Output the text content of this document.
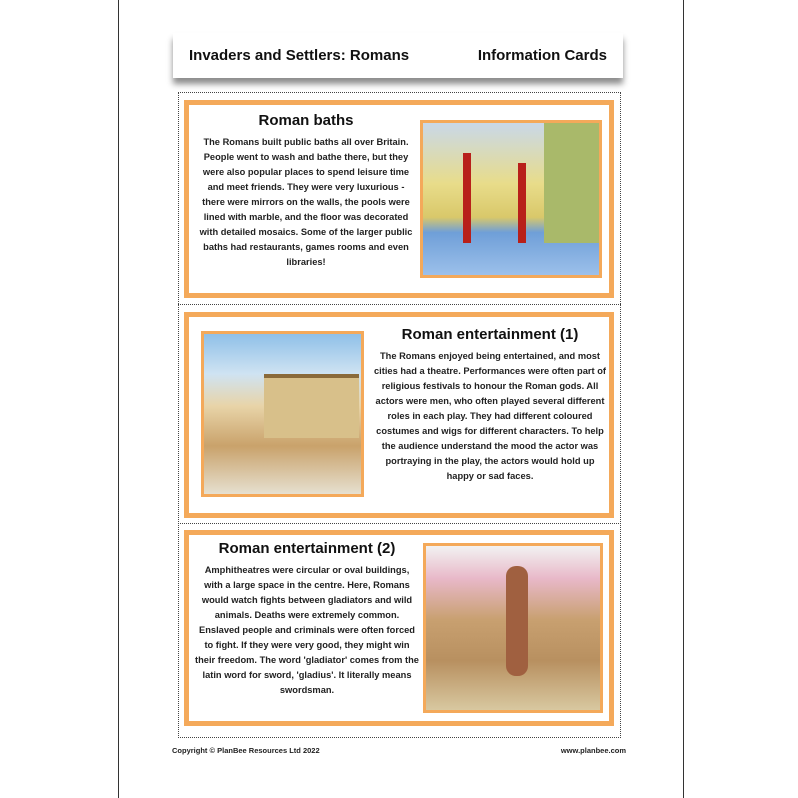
Invaders and Settlers: Romans	Information Cards
Roman baths
The Romans built public baths all over Britain. People went to wash and bathe there, but they were also popular places to spend leisure time and meet friends. They were very luxurious - there were mirrors on the walls, the pools were lined with marble, and the floor was decorated with detailed mosaics. Some of the larger public baths had restaurants, games rooms and even libraries!
Roman entertainment (1)
The Romans enjoyed being entertained, and most cities had a theatre. Performances were often part of religious festivals to honour the Roman gods. All actors were men, who often played several different roles in each play. They had different coloured costumes and wigs for different characters. To help the audience understand the mood the actor was portraying in the play, the actors would hold up happy or sad faces.
Roman entertainment (2)
Amphitheatres were circular or oval buildings, with a large space in the centre. Here, Romans would watch fights between gladiators and wild animals. Deaths were extremely common. Enslaved people and criminals were often forced to fight. If they were very good, they might win their freedom. The word 'gladiator' comes from the latin word for sword, 'gladius'. It literally means swordsman.
Copyright © PlanBee Resources Ltd 2022	www.planbee.com
